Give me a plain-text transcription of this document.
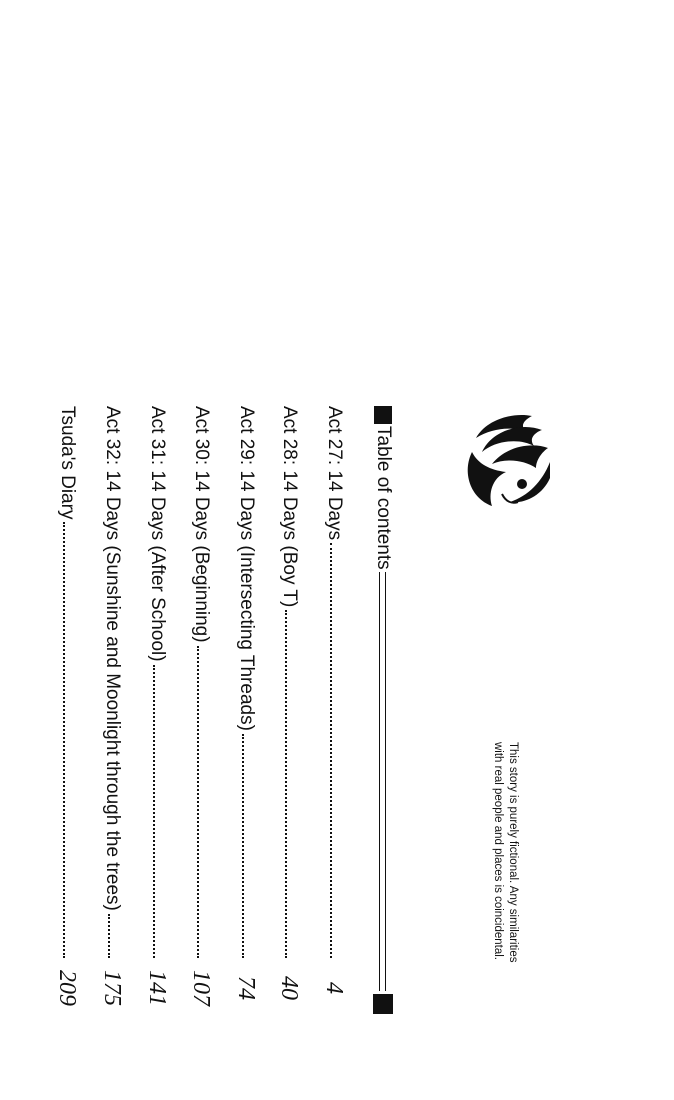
This story is purely fictional. Any similarities
with real people and places is coincidental.
Table of contents
Act 27: 14 Days
4
Act 28: 14 Days (Boy T)
40
Act 29: 14 Days (Intersecting Threads)
74
Act 30: 14 Days (Beginning)
107
Act 31: 14 Days (After School)
141
Act 32: 14 Days (Sunshine and Moonlight through the trees)
175
Tsuda's Diary
209
